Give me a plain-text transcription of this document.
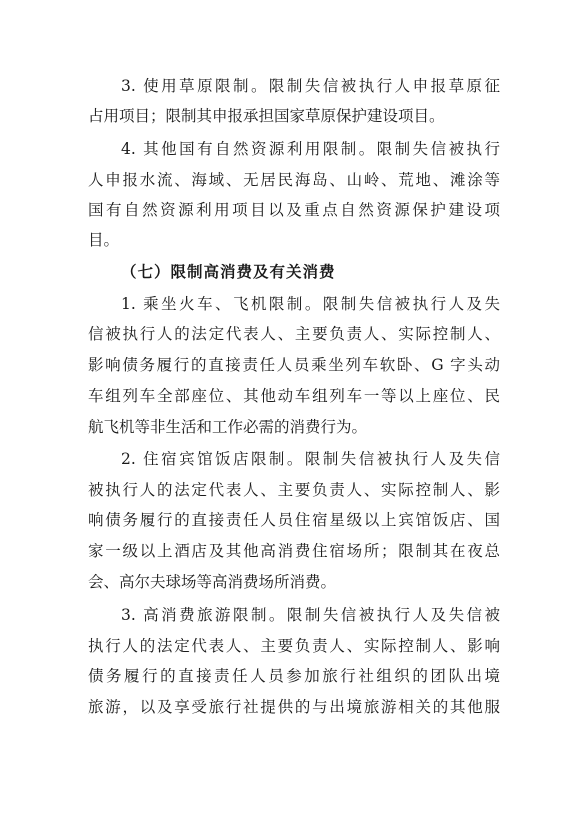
3. 使用草原限制。限制失信被执行人申报草原征
占用项目；限制其申报承担国家草原保护建设项目。
4. 其他国有自然资源利用限制。限制失信被执行
人申报水流、海域、无居民海岛、山岭、荒地、滩涂等
国有自然资源利用项目以及重点自然资源保护建设项
目。
（七）限制高消费及有关消费
1. 乘坐火车、飞机限制。限制失信被执行人及失
信被执行人的法定代表人、主要负责人、实际控制人、
影响债务履行的直接责任人员乘坐列车软卧、G 字头动
车组列车全部座位、其他动车组列车一等以上座位、民
航飞机等非生活和工作必需的消费行为。
2. 住宿宾馆饭店限制。限制失信被执行人及失信
被执行人的法定代表人、主要负责人、实际控制人、影
响债务履行的直接责任人员住宿星级以上宾馆饭店、国
家一级以上酒店及其他高消费住宿场所；限制其在夜总
会、高尔夫球场等高消费场所消费。
3. 高消费旅游限制。限制失信被执行人及失信被
执行人的法定代表人、主要负责人、实际控制人、影响
债务履行的直接责任人员参加旅行社组织的团队出境
旅游，以及享受旅行社提供的与出境旅游相关的其他服
